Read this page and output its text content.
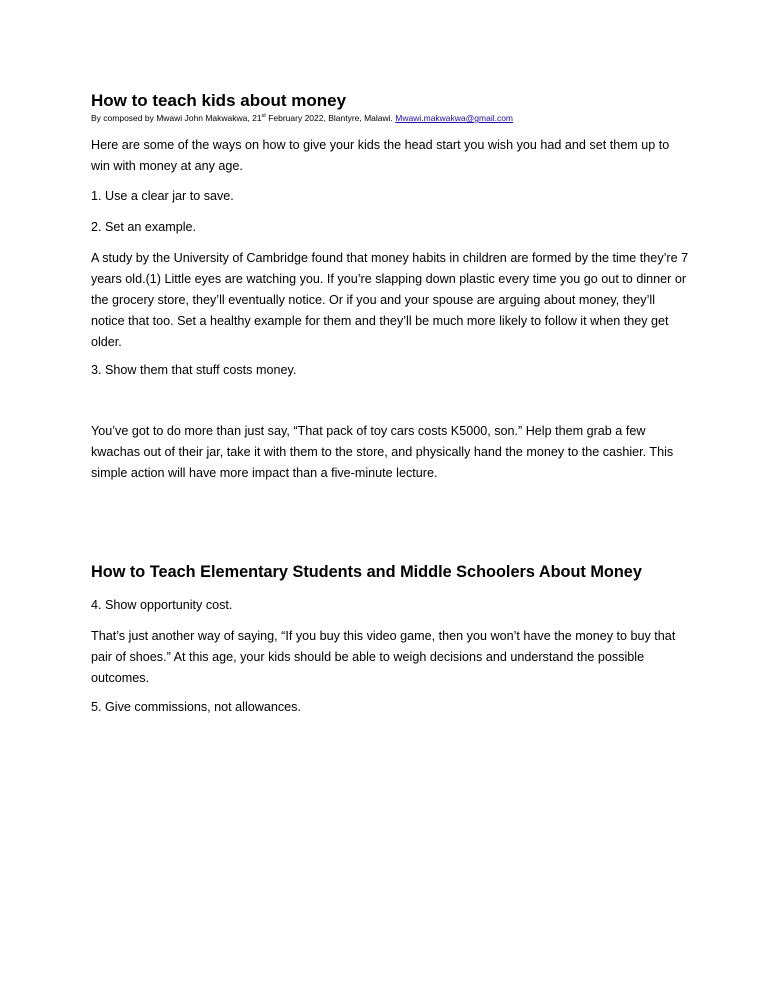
How to teach kids about money

By composed by Mwawi John Makwakwa, 21st February 2022, Blantyre, Malawi. Mwawi.makwakwa@gmail.com

Here are some of the ways on how to give your kids the head start you wish you had and set them up to win with money at any age.

1. Use a clear jar to save.

2. Set an example.

A study by the University of Cambridge found that money habits in children are formed by the time they’re 7 years old.(1) Little eyes are watching you. If you’re slapping down plastic every time you go out to dinner or the grocery store, they’ll eventually notice. Or if you and your spouse are arguing about money, they’ll notice that too. Set a healthy example for them and they’ll be much more likely to follow it when they get older.

3. Show them that stuff costs money.

You’ve got to do more than just say, “That pack of toy cars costs K5000, son.” Help them grab a few kwachas out of their jar, take it with them to the store, and physically hand the money to the cashier. This simple action will have more impact than a five-minute lecture.

How to Teach Elementary Students and Middle Schoolers About Money

4. Show opportunity cost.

That’s just another way of saying, “If you buy this video game, then you won’t have the money to buy that pair of shoes.” At this age, your kids should be able to weigh decisions and understand the possible outcomes.

5. Give commissions, not allowances.
